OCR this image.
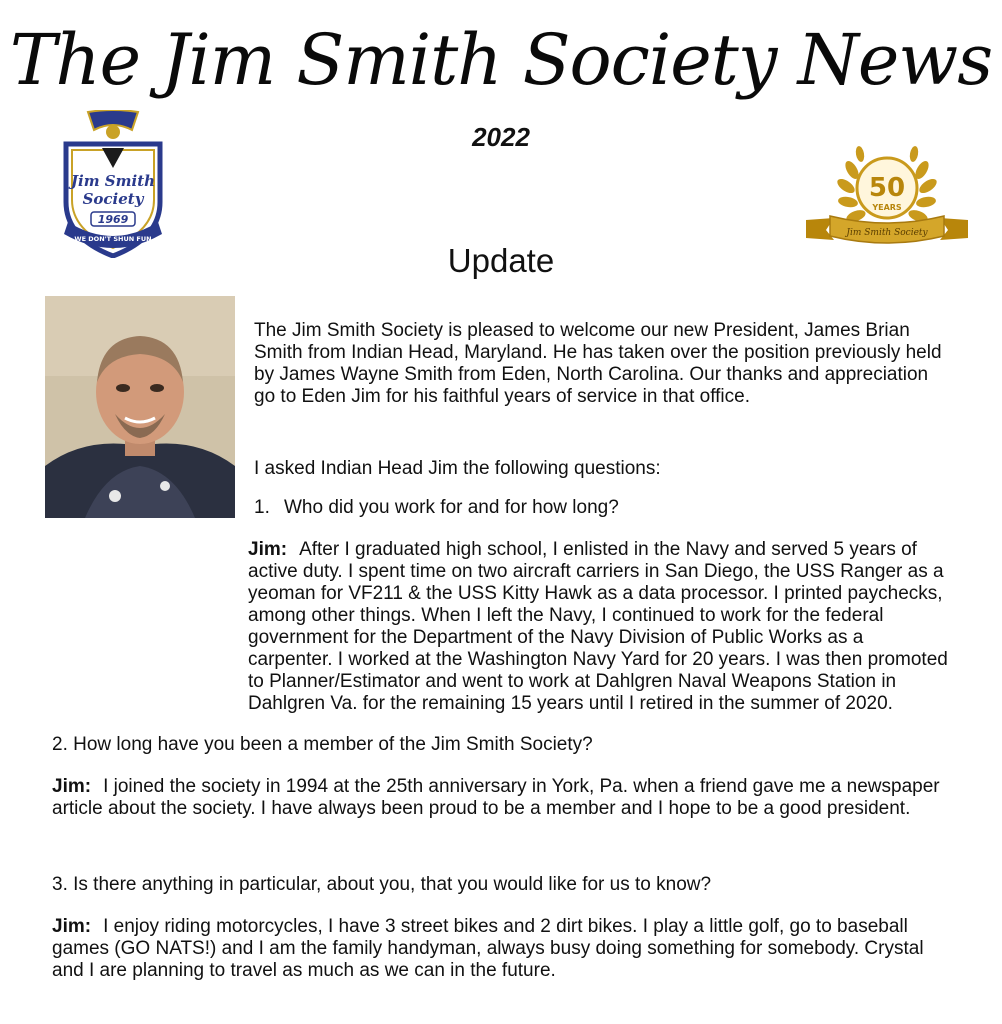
The Jim Smith Society News
2022
Jim Smith
Society
1969
WE DON'T SHUN FUN
50
YEARS
Jim Smith Society
Update
The Jim Smith Society is pleased to welcome our new President, James Brian Smith from Indian Head, Maryland. He has taken over the position previously held by James Wayne Smith from Eden, North Carolina. Our thanks and appreciation go to Eden Jim for his faithful years of service in that office.
I asked Indian Head Jim the following questions:
1. Who did you work for and for how long?

Jim: After I graduated high school, I enlisted in the Navy and served 5 years of active duty. I spent time on two aircraft carriers in San Diego, the USS Ranger as a yeoman for VF211 & the USS Kitty Hawk as a data processor. I printed paychecks, among other things. When I left the Navy, I continued to work for the federal government for the Department of the Navy Division of Public Works as a carpenter. I worked at the Washington Navy Yard for 20 years. I was then promoted to Planner/Estimator and went to work at Dahlgren Naval Weapons Station in Dahlgren Va. for the remaining 15 years until I retired in the summer of 2020.

2. How long have you been a member of the Jim Smith Society?
Jim: I joined the society in 1994 at the 25th anniversary in York, Pa. when a friend gave me a newspaper article about the society. I have always been proud to be a member and I hope to be a good president.
3. Is there anything in particular, about you, that you would like for us to know?
Jim: I enjoy riding motorcycles, I have 3 street bikes and 2 dirt bikes. I play a little golf, go to baseball games (GO NATS!) and I am the family handyman, always busy doing something for somebody. Crystal and I are planning to travel as much as we can in the future.
